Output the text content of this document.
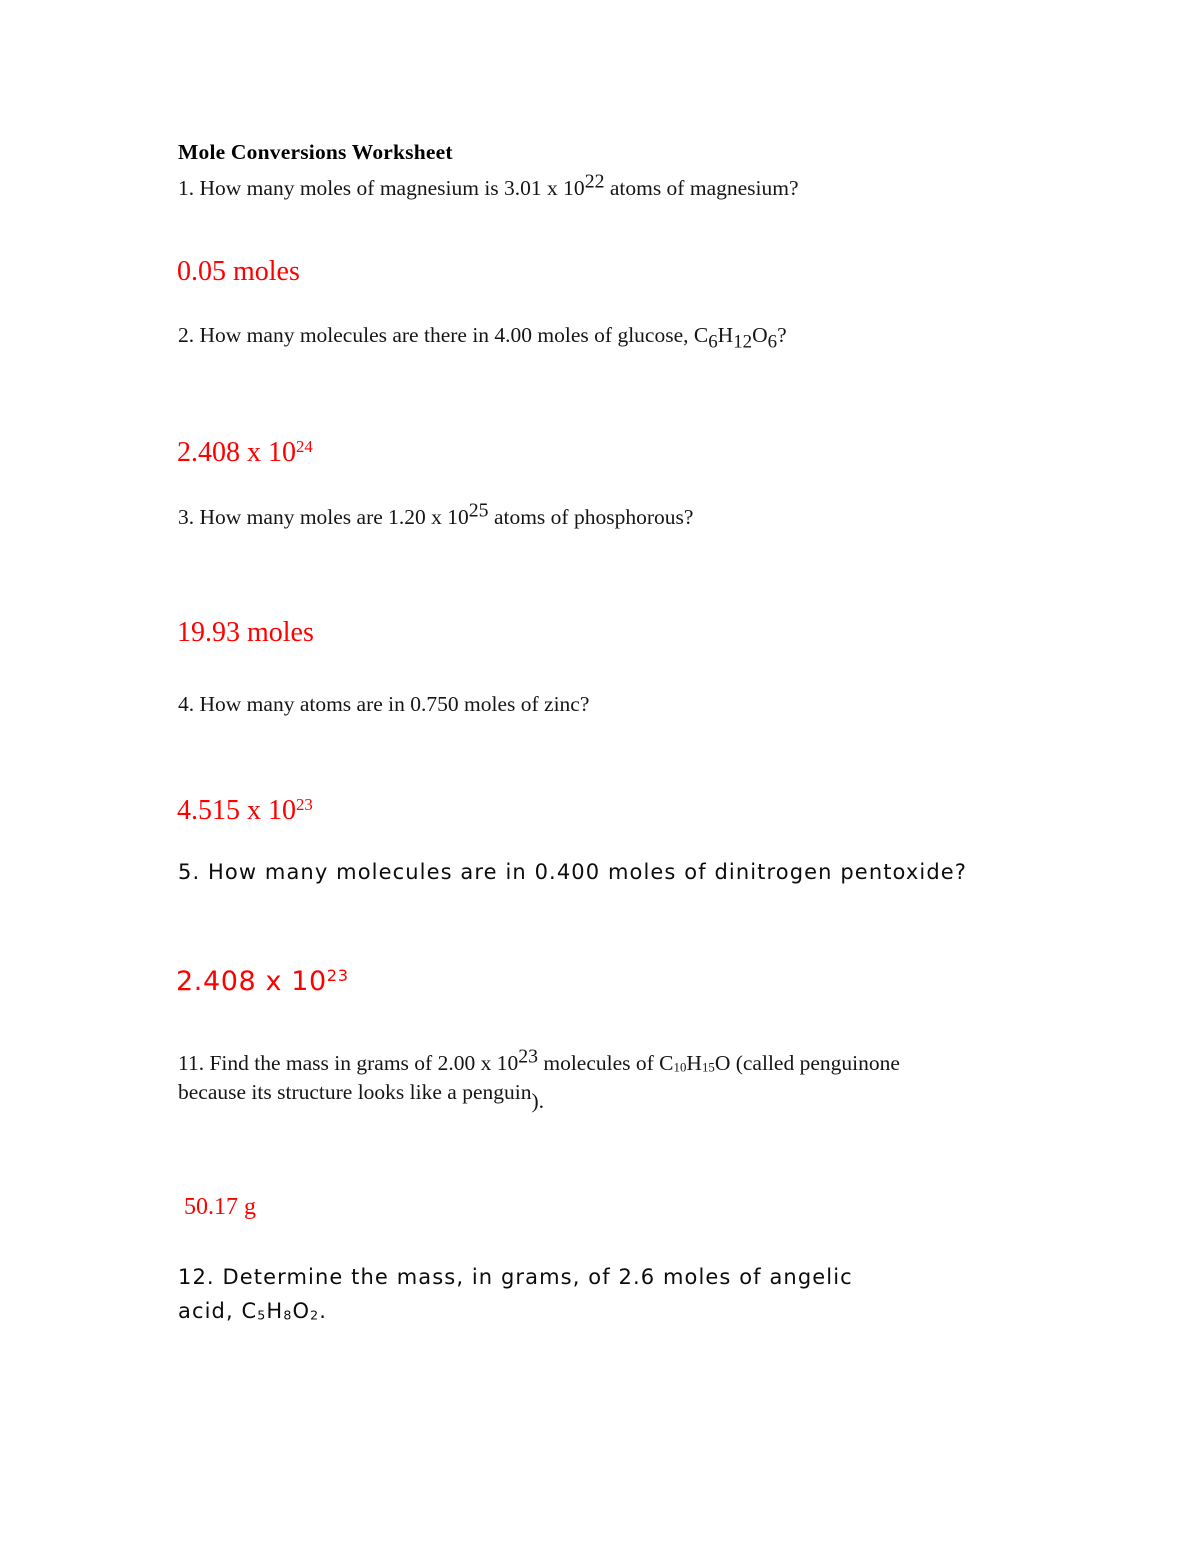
Mole Conversions Worksheet
1. How many moles of magnesium is 3.01 x 1022 atoms of magnesium?
0.05 moles
2. How many molecules are there in 4.00 moles of glucose, C6H12O6?
2.408 x $10^{24}$
3. How many moles are 1.20 x 1025 atoms of phosphorous?
19.93 moles
4. How many atoms are in 0.750 moles of zinc?
4.515 x $10^{23}$
5. How many molecules are in 0.400 moles of dinitrogen pentoxide?
2.408 x $10^{23}$
11. Find the mass in grams of 2.00 x 1023 molecules of C10H15O (called penguinone
because its structure looks like a penguin).
50.17 g
12. Determine the mass, in grams, of 2.6 moles of angelic
acid, C5H8O2.
